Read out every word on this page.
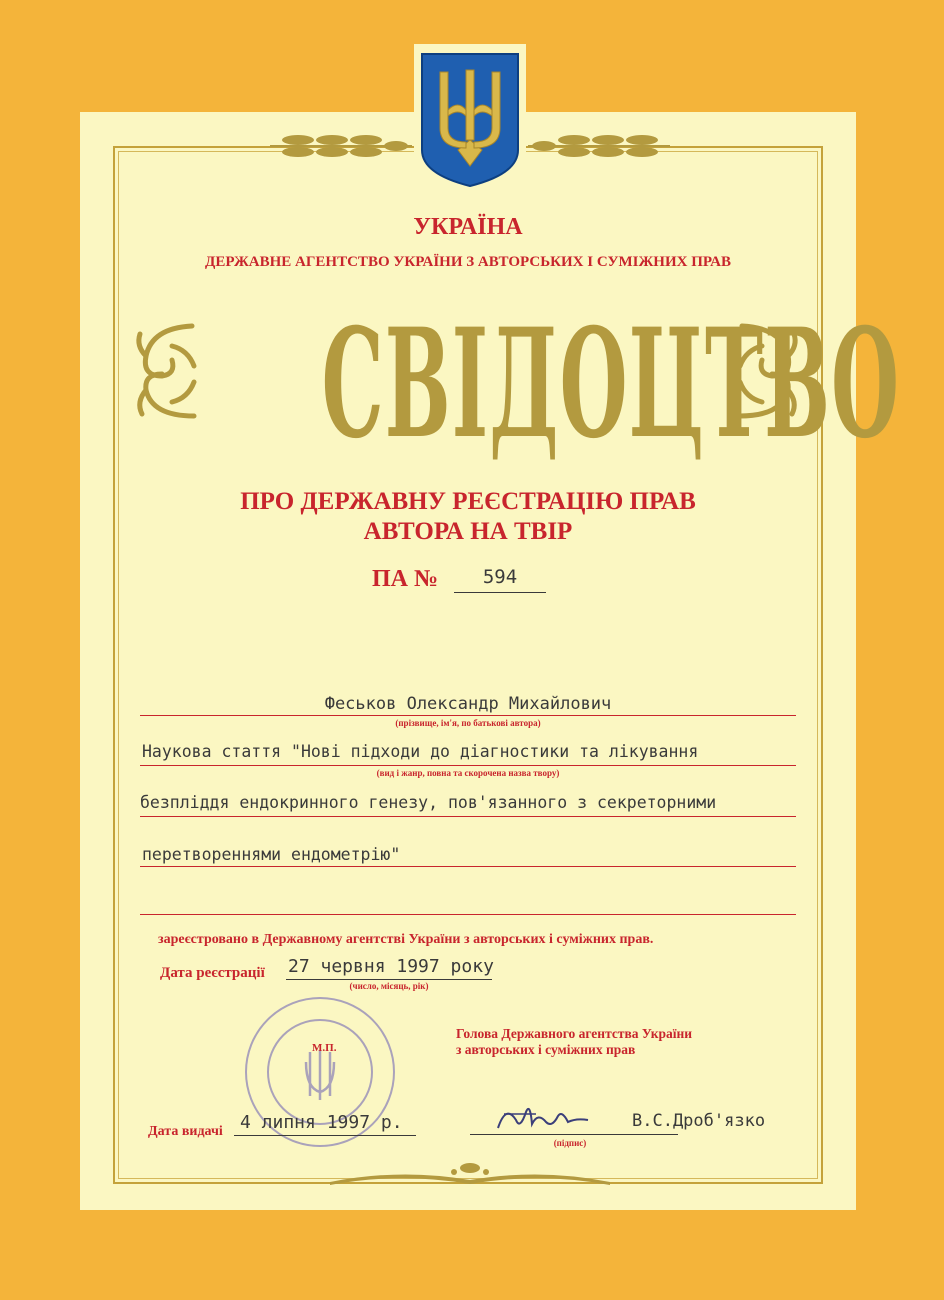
УКРАЇНА
ДЕРЖАВНЕ АГЕНТСТВО УКРАЇНИ З АВТОРСЬКИХ І СУМІЖНИХ ПРАВ
СВІДОЦТВО
ПРО ДЕРЖАВНУ РЕЄСТРАЦІЮ ПРАВ
АВТОРА НА ТВІР
ПА №	594
Феськов Олександр Михайлович
(прізвище, ім'я, по батькові автора)
Наукова стаття "Нові підходи до діагностики та лікування
(вид і жанр, повна та скорочена назва твору)
безпліддя ендокринного генезу, пов'язанного з секреторними
перетвореннями ендометрію"
зареєстровано в Державному агентстві України з авторських і суміжних прав.
Дата реєстрації 27 червня 1997 року
(число, місяць, рік)
М.П.
Голова Державного агентства України
з авторських і суміжних прав
Дата видачі 4 липня 1997 р.
(підпис)
В.С.Дроб'язко
